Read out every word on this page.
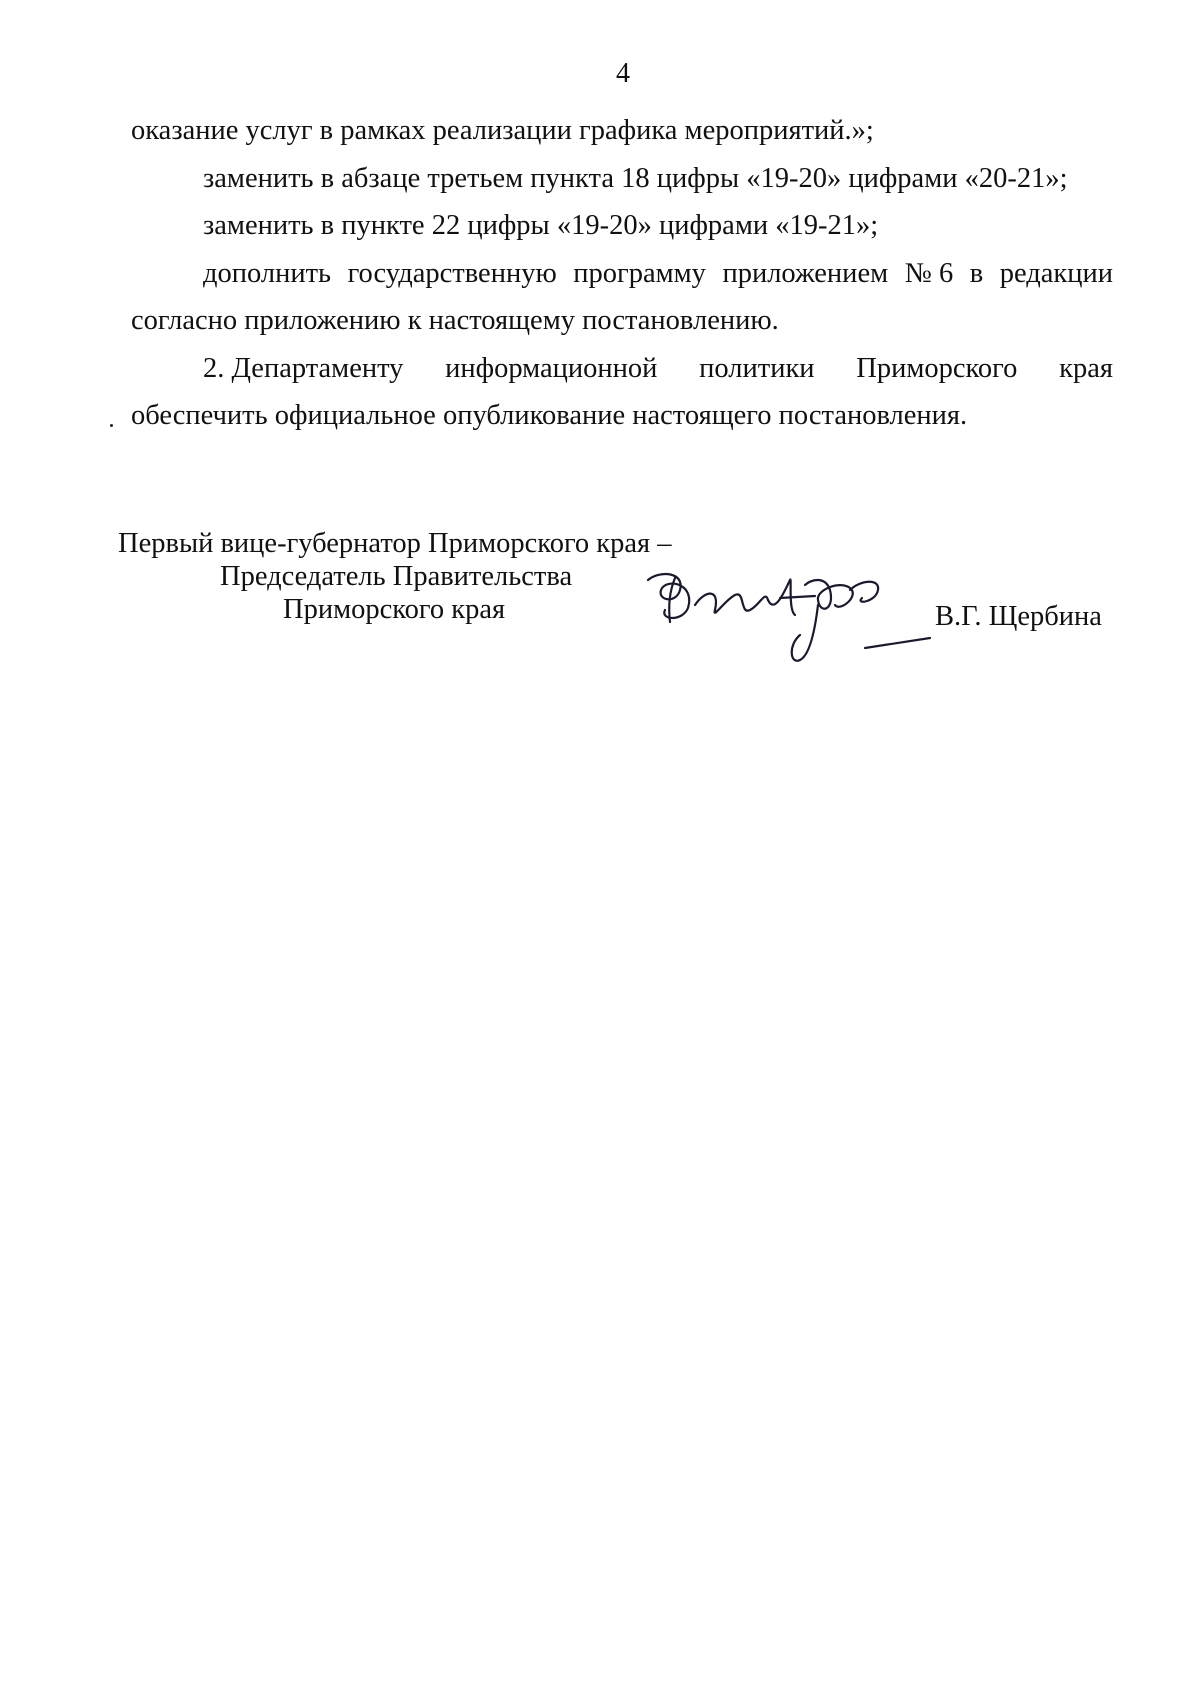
4
оказание услуг в рамках реализации графика мероприятий.»;
заменить в абзаце третьем пункта 18 цифры «19-20» цифрами «20-21»;
заменить в пункте 22 цифры «19-20» цифрами «19-21»;
дополнить государственную программу приложением № 6 в редакции
согласно приложению к настоящему постановлению.
2. Департаменту информационной политики Приморского края
обеспечить официальное опубликование настоящего постановления.
Первый вице-губернатор Приморского края –
Председатель Правительства
Приморского края	В.Г. Щербина
